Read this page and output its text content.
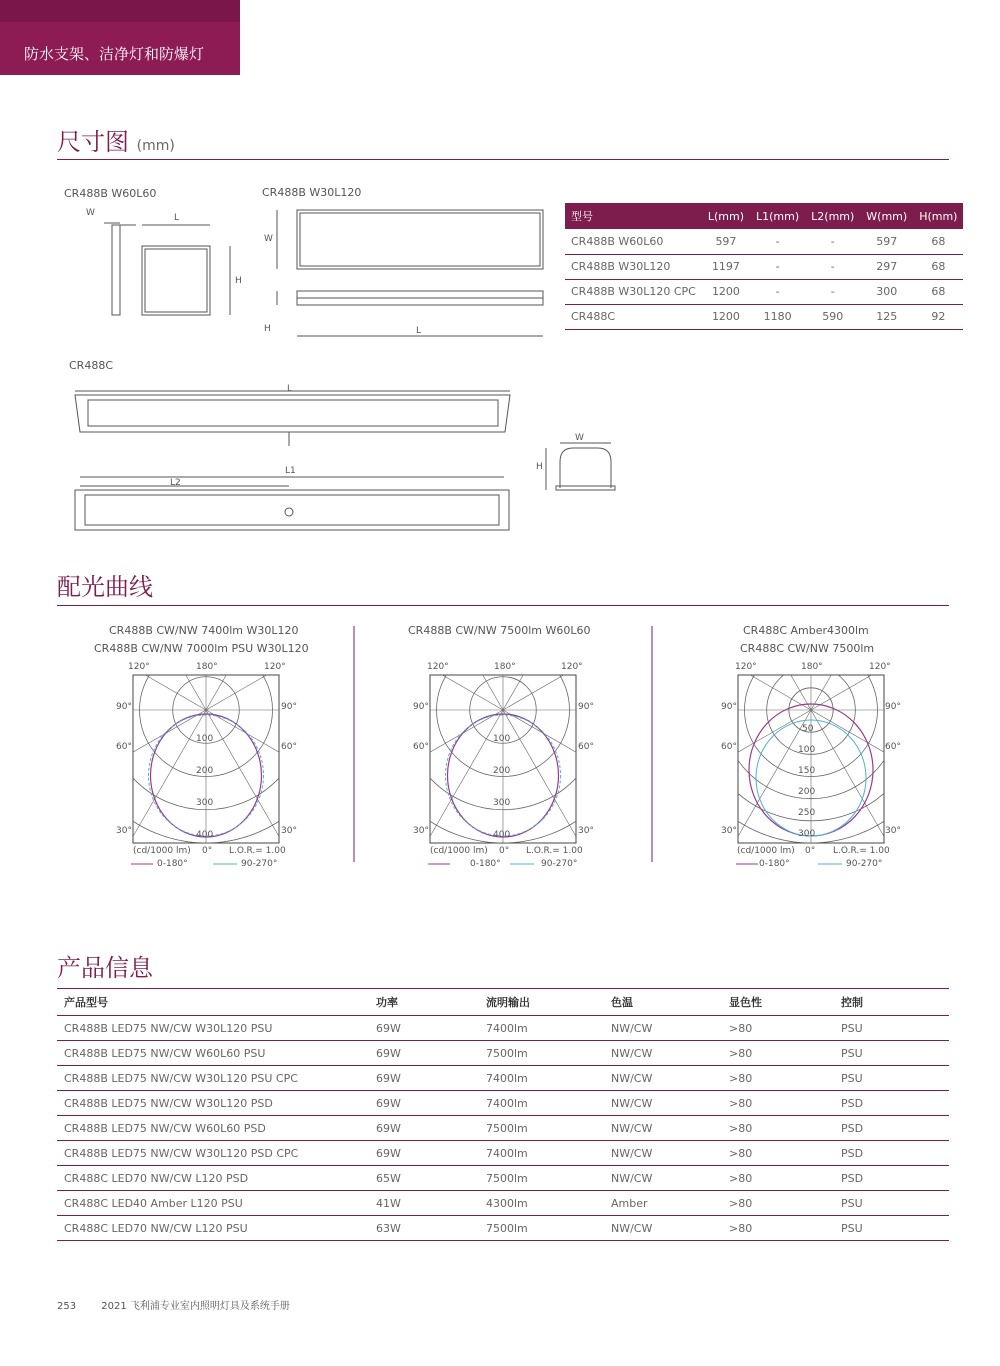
防水支架、洁净灯和防爆灯
尺寸图 (mm)
CR488B W60L60	CR488B W30L120
CR488C
W	L
H
W
L
H
L
L1
L2
W
H
型号	L(mm)	L1(mm)	L2(mm)	W(mm)	H(mm)
CR488B W60L60	597	-	-	597	68
CR488B W30L120	1197	-	-	297	68
CR488B W30L120 CPC	1200	-	-	300	68
CR488C	1200	1180	590	125	92
配光曲线
CR488B CW/NW 7400lm W30L120
CR488B CW/NW 7000lm PSU W30L120
120°	180°	120°
90°	90°
60°	60°
30°	30°
100
200
300
400
(cd/1000 lm) 0° L.O.R.= 1.00
0-180°	90-270°
CR488B CW/NW 7500lm W60L60
120°	180°	120°
90°	90°
60°	60°
30°	30°
100
200
300
400
(cd/1000 lm) 0° L.O.R.= 1.00
0-180°	90-270°
CR488C Amber4300lm
CR488C CW/NW 7500lm
120°	180°	120°
90°	90°
60°	60°
30°	30°
50
100
150
200
250
300
(cd/1000 lm) 0° L.O.R.= 1.00
0-180°	90-270°
产品信息
产品型号	功率	流明输出	色温	显色性	控制
CR488B LED75 NW/CW W30L120 PSU	69W	7400lm	NW/CW	>80	PSU
CR488B LED75 NW/CW W60L60 PSU	69W	7500lm	NW/CW	>80	PSU
CR488B LED75 NW/CW W30L120 PSU CPC	69W	7400lm	NW/CW	>80	PSU
CR488B LED75 NW/CW W30L120 PSD	69W	7400lm	NW/CW	>80	PSD
CR488B LED75 NW/CW W60L60 PSD	69W	7500lm	NW/CW	>80	PSD
CR488B LED75 NW/CW W30L120 PSD CPC	69W	7400lm	NW/CW	>80	PSD
CR488C LED70 NW/CW L120 PSD	65W	7500lm	NW/CW	>80	PSD
CR488C LED40 Amber L120 PSU	41W	4300lm	Amber	>80	PSU
CR488C LED70 NW/CW L120 PSU	63W	7500lm	NW/CW	>80	PSU
253	2021 飞利浦专业室内照明灯具及系统手册
